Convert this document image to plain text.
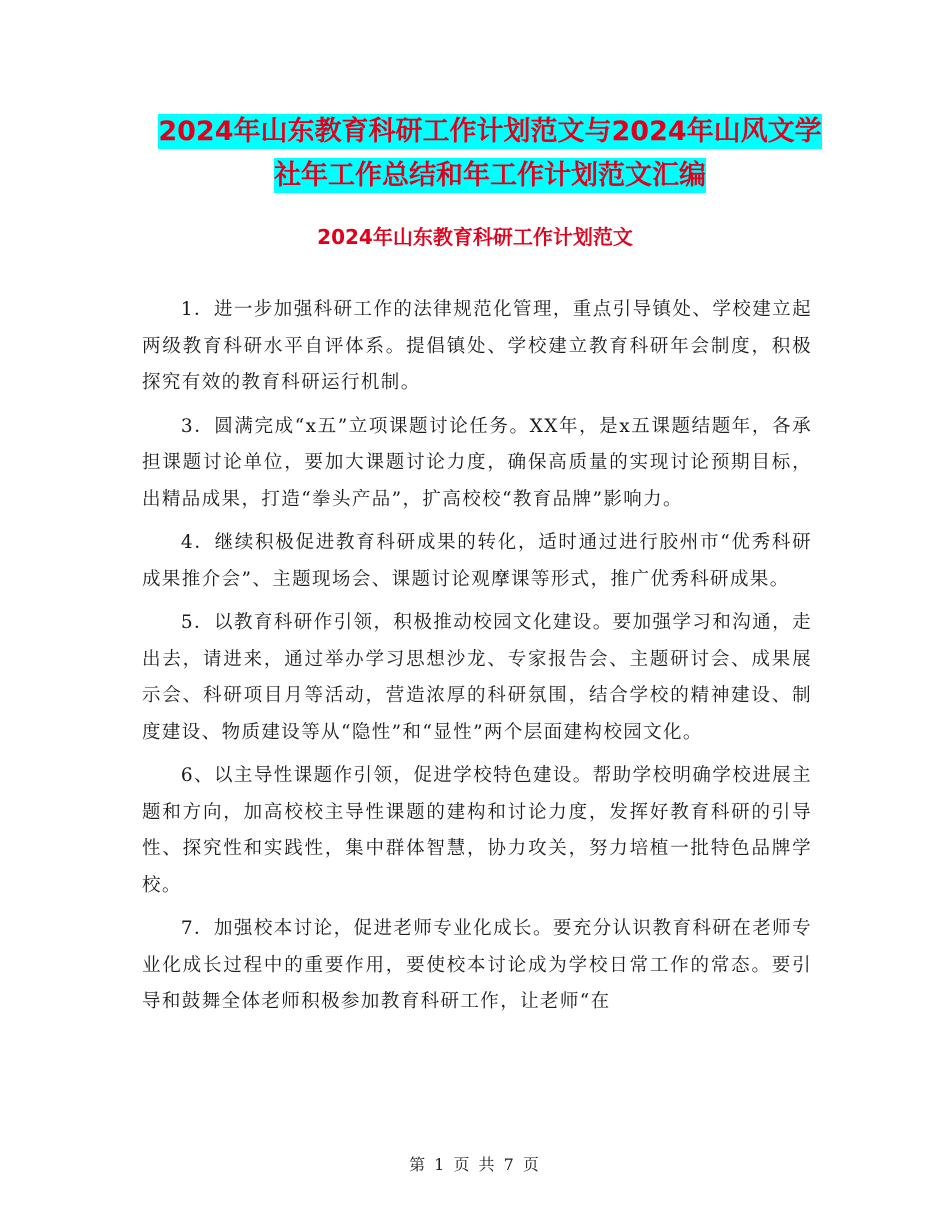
2024年山东教育科研工作计划范文与2024年山风文学
社年工作总结和年工作计划范文汇编
2024年山东教育科研工作计划范文

1．进一步加强科研工作的法律规范化管理，重点引导镇处、学校建立起两级教育科研水平自评体系。提倡镇处、学校建立教育科研年会制度，积极探究有效的教育科研运行机制。

3．圆满完成“x五”立项课题讨论任务。XX年，是x五课题结题年，各承担课题讨论单位，要加大课题讨论力度，确保高质量的实现讨论预期目标，出精品成果，打造“拳头产品”，扩高校校“教育品牌”影响力。

4．继续积极促进教育科研成果的转化，适时通过进行胶州市“优秀科研成果推介会”、主题现场会、课题讨论观摩课等形式，推广优秀科研成果。

5．以教育科研作引领，积极推动校园文化建设。要加强学习和沟通，走出去，请进来，通过举办学习思想沙龙、专家报告会、主题研讨会、成果展示会、科研项目月等活动，营造浓厚的科研氛围，结合学校的精神建设、制度建设、物质建设等从“隐性”和“显性”两个层面建构校园文化。

6、以主导性课题作引领，促进学校特色建设。帮助学校明确学校进展主题和方向，加高校校主导性课题的建构和讨论力度，发挥好教育科研的引导性、探究性和实践性，集中群体智慧，协力攻关，努力培植一批特色品牌学校。

7．加强校本讨论，促进老师专业化成长。要充分认识教育科研在老师专业化成长过程中的重要作用，要使校本讨论成为学校日常工作的常态。要引导和鼓舞全体老师积极参加教育科研工作，让老师“在

第 1 页 共 7 页
